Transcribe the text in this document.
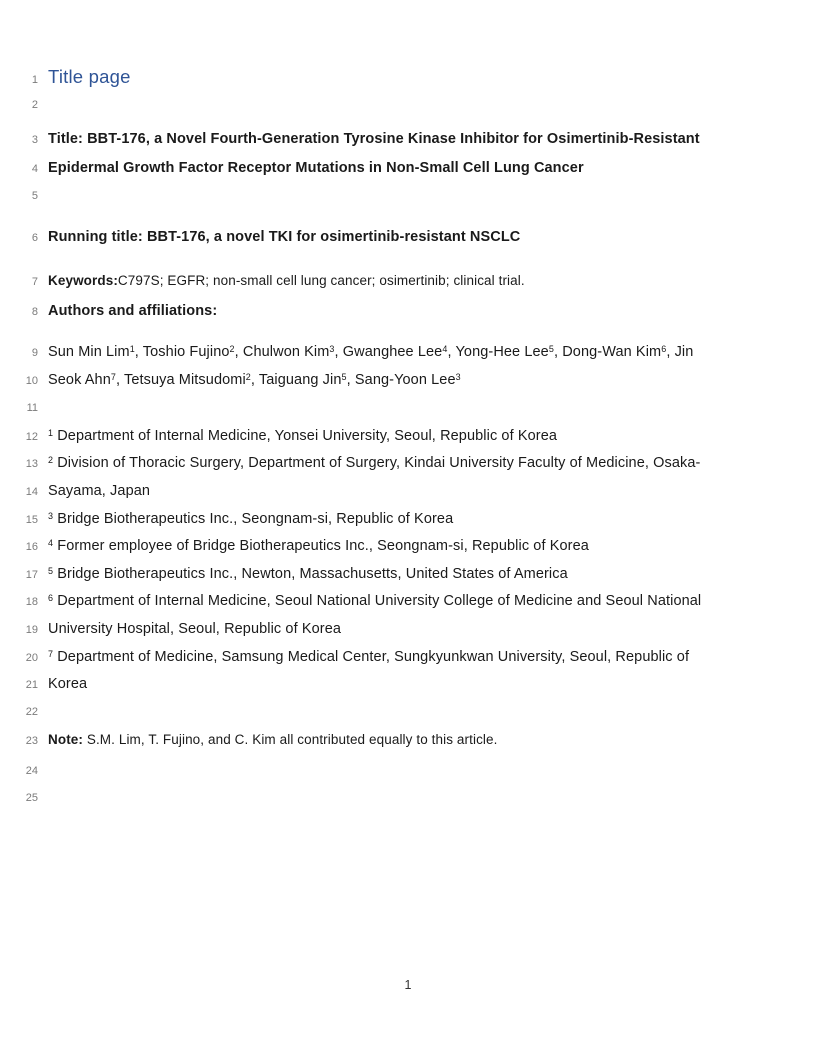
1 Title page
2
3 Title: BBT-176, a Novel Fourth-Generation Tyrosine Kinase Inhibitor for Osimertinib-Resistant
4 Epidermal Growth Factor Receptor Mutations in Non-Small Cell Lung Cancer
5
6 Running title: BBT-176, a novel TKI for osimertinib-resistant NSCLC
7 Keywords:C797S; EGFR; non-small cell lung cancer; osimertinib; clinical trial.
8 Authors and affiliations:
9 Sun Min Lim$^1$, Toshio Fujino$^2$, Chulwon Kim$^3$, Gwanghee Lee$^4$, Yong-Hee Lee$^5$, Dong-Wan Kim$^6$, Jin
10 Seok Ahn$^7$, Tetsuya Mitsudomi$^2$, Taiguang Jin$^5$, Sang-Yoon Lee$^3$
11
12 $^1$ Department of Internal Medicine, Yonsei University, Seoul, Republic of Korea
13 $^2$ Division of Thoracic Surgery, Department of Surgery, Kindai University Faculty of Medicine, Osaka-
14 Sayama, Japan
15 $^3$ Bridge Biotherapeutics Inc., Seongnam-si, Republic of Korea
16 $^4$ Former employee of Bridge Biotherapeutics Inc., Seongnam-si, Republic of Korea
17 $^5$ Bridge Biotherapeutics Inc., Newton, Massachusetts, United States of America
18 $^6$ Department of Internal Medicine, Seoul National University College of Medicine and Seoul National
19 University Hospital, Seoul, Republic of Korea
20 $^7$ Department of Medicine, Samsung Medical Center, Sungkyunkwan University, Seoul, Republic of
21 Korea
22
23 Note: S.M. Lim, T. Fujino, and C. Kim all contributed equally to this article.
24
25
1
